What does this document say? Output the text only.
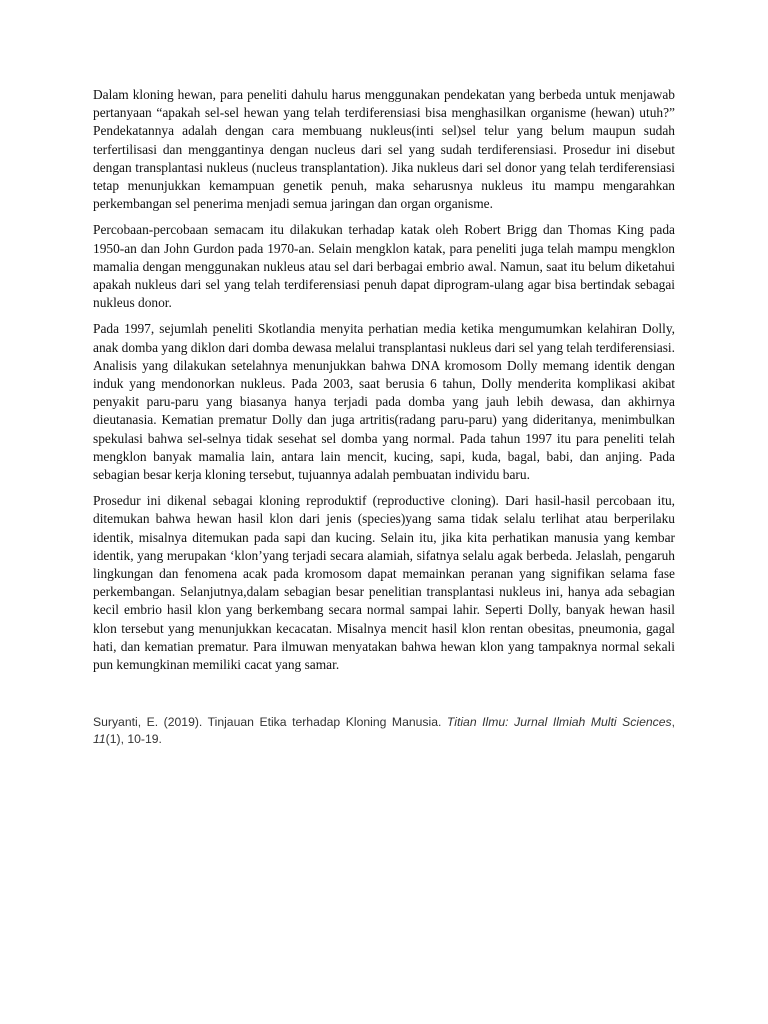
Dalam kloning hewan, para peneliti dahulu harus menggunakan pendekatan yang berbeda untuk menjawab pertanyaan “apakah sel-sel hewan yang telah terdiferensiasi bisa menghasilkan organisme (hewan) utuh?” Pendekatannya adalah dengan cara membuang nukleus(inti sel)sel telur yang belum maupun sudah terfertilisasi dan menggantinya dengan nucleus dari sel yang sudah terdiferensiasi. Prosedur ini disebut dengan transplantasi nukleus (nucleus transplantation). Jika nukleus dari sel donor yang telah terdiferensiasi tetap menunjukkan kemampuan genetik penuh, maka seharusnya nukleus itu mampu mengarahkan perkembangan sel penerima menjadi semua jaringan dan organ organisme.

Percobaan-percobaan semacam itu dilakukan terhadap katak oleh Robert Brigg dan Thomas King pada 1950-an dan John Gurdon pada 1970-an. Selain mengklon katak, para peneliti juga telah mampu mengklon mamalia dengan menggunakan nukleus atau sel dari berbagai embrio awal. Namun, saat itu belum diketahui apakah nukleus dari sel yang telah terdiferensiasi penuh dapat diprogram-ulang agar bisa bertindak sebagai nukleus donor.

Pada 1997, sejumlah peneliti Skotlandia menyita perhatian media ketika mengumumkan kelahiran Dolly, anak domba yang diklon dari domba dewasa melalui transplantasi nukleus dari sel yang telah terdiferensiasi. Analisis yang dilakukan setelahnya menunjukkan bahwa DNA kromosom Dolly memang identik dengan induk yang mendonorkan nukleus. Pada 2003, saat berusia 6 tahun, Dolly menderita komplikasi akibat penyakit paru-paru yang biasanya hanya terjadi pada domba yang jauh lebih dewasa, dan akhirnya dieutanasia. Kematian prematur Dolly dan juga artritis(radang paru-paru) yang dideritanya, menimbulkan spekulasi bahwa sel-selnya tidak sesehat sel domba yang normal. Pada tahun 1997 itu para peneliti telah mengklon banyak mamalia lain, antara lain mencit, kucing, sapi, kuda, bagal, babi, dan anjing. Pada sebagian besar kerja kloning tersebut, tujuannya adalah pembuatan individu baru.

Prosedur ini dikenal sebagai kloning reproduktif (reproductive cloning). Dari hasil-hasil percobaan itu, ditemukan bahwa hewan hasil klon dari jenis (species)yang sama tidak selalu terlihat atau berperilaku identik, misalnya ditemukan pada sapi dan kucing. Selain itu, jika kita perhatikan manusia yang kembar identik, yang merupakan ‘klon’yang terjadi secara alamiah, sifatnya selalu agak berbeda. Jelaslah, pengaruh lingkungan dan fenomena acak pada kromosom dapat memainkan peranan yang signifikan selama fase perkembangan. Selanjutnya,dalam sebagian besar penelitian transplantasi nukleus ini, hanya ada sebagian kecil embrio hasil klon yang berkembang secara normal sampai lahir. Seperti Dolly, banyak hewan hasil klon tersebut yang menunjukkan kecacatan. Misalnya mencit hasil klon rentan obesitas, pneumonia, gagal hati, dan kematian prematur. Para ilmuwan menyatakan bahwa hewan klon yang tampaknya normal sekali pun kemungkinan memiliki cacat yang samar.

Suryanti, E. (2019). Tinjauan Etika terhadap Kloning Manusia. Titian Ilmu: Jurnal Ilmiah Multi Sciences, 11(1), 10-19.
